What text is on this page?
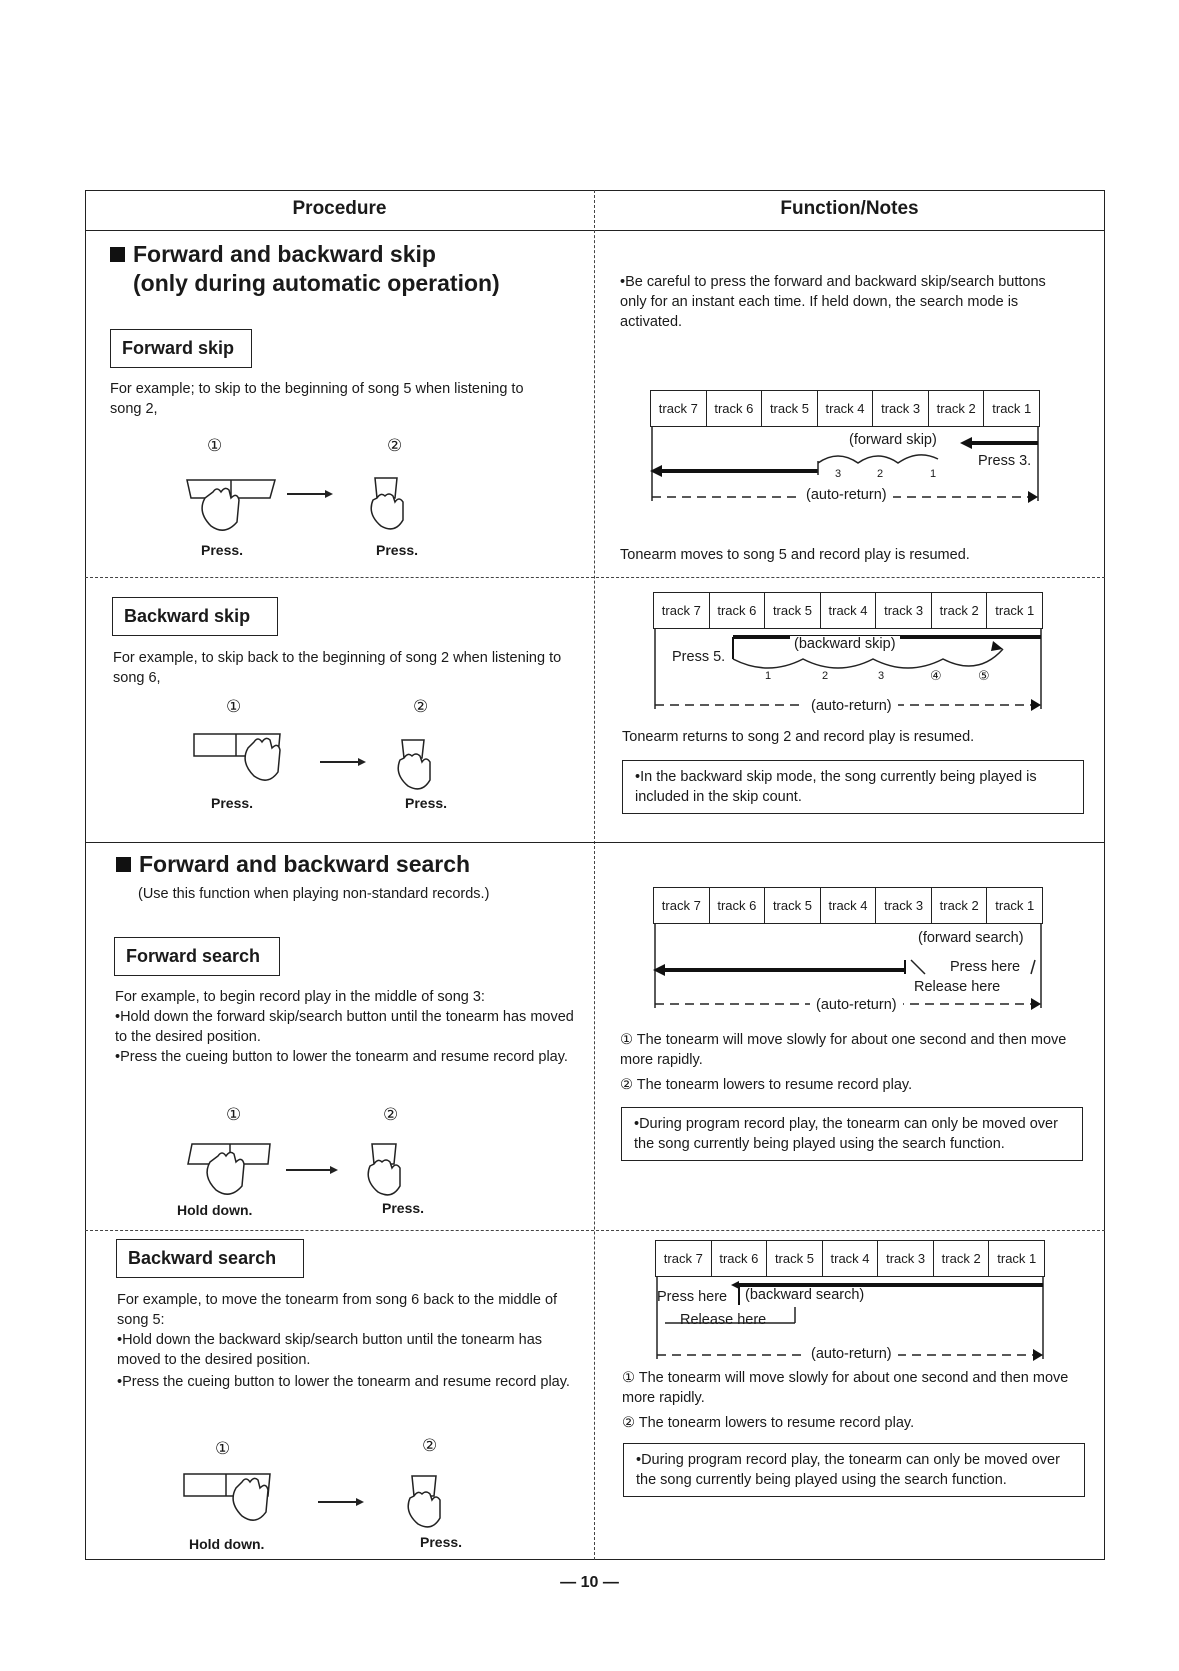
Procedure	Function/Notes
Forward and backward skip
(only during automatic operation)
Forward skip
For example; to skip to the beginning of song 5 when listening to song 2,
①	②
Press.	Press.
•Be careful to press the forward and backward skip/search buttons only for an instant each time. If held down, the search mode is activated.
track 7	track 6	track 5	track 4	track 3	track 2	track 1
(forward skip)
Press 3.
3	2	1
(auto-return)
Tonearm moves to song 5 and record play is resumed.
Backward skip
For example, to skip back to the beginning of song 2 when listening to song 6,
①	②
Press.	Press.
track 7	track 6	track 5	track 4	track 3	track 2	track 1
(backward skip)
Press 5.
1	2	3	④	⑤
(auto-return)
Tonearm returns to song 2 and record play is resumed.
•In the backward skip mode, the song currently being played is included in the skip count.
Forward and backward search
(Use this function when playing non-standard records.)
Forward search
For example, to begin record play in the middle of song 3:
•Hold down the forward skip/search button until the tonearm has moved to the desired position.
•Press the cueing button to lower the tonearm and resume record play.
①	②
Hold down.	Press.
track 7	track 6	track 5	track 4	track 3	track 2	track 1
(forward search)
Press here
Release here
(auto-return)
① The tonearm will move slowly for about one second and then move more rapidly.
② The tonearm lowers to resume record play.
•During program record play, the tonearm can only be moved over the song currently being played using the search function.
Backward search
For example, to move the tonearm from song 6 back to the middle of song 5:
•Hold down the backward skip/search button until the tonearm has moved to the desired position.
•Press the cueing button to lower the tonearm and resume record play.
①	②
Hold down.	Press.
track 7	track 6	track 5	track 4	track 3	track 2	track 1
Press here (backward search)
Release here
(auto-return)
① The tonearm will move slowly for about one second and then move more rapidly.
② The tonearm lowers to resume record play.
•During program record play, the tonearm can only be moved over the song currently being played using the search function.
— 10 —
